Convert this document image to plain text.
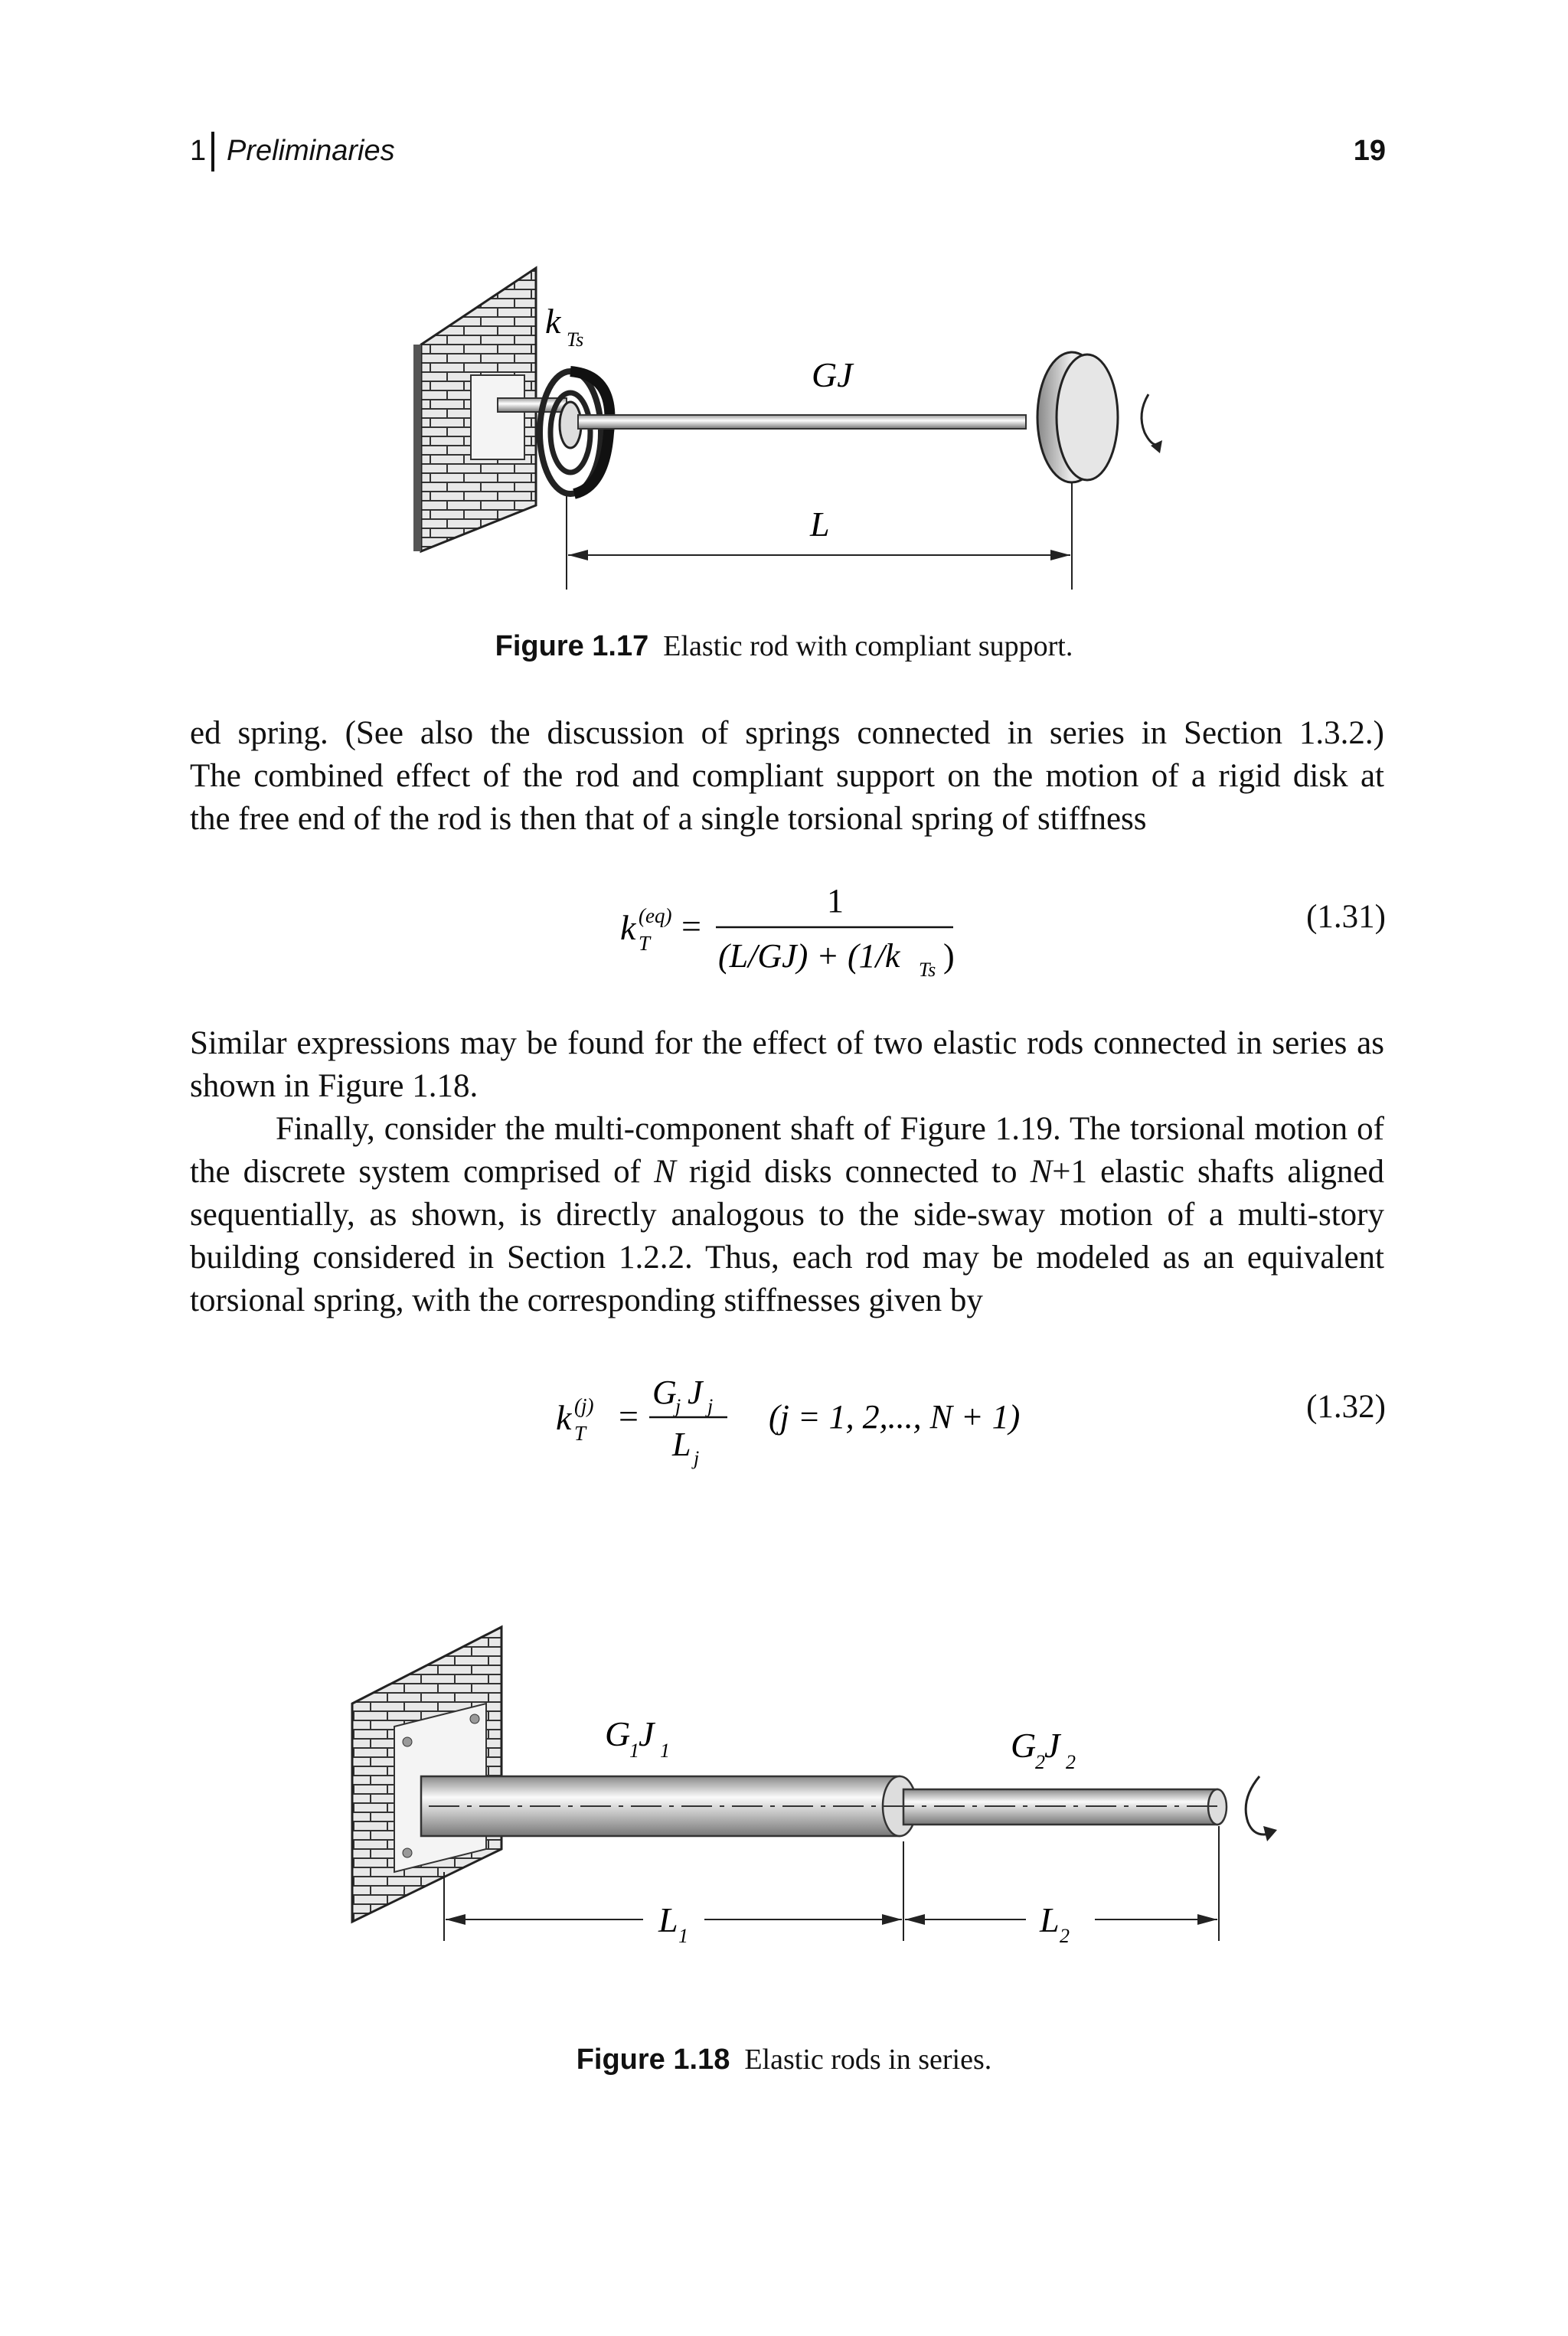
1 Preliminaries	19
k Ts
GJ
L
Figure 1.17 Elastic rod with compliant support.

ed spring. (See also the discussion of springs connected in series in Section 1.3.2.)

The combined effect of the rod and compliant support on the motion of a rigid disk at

the free end of the rod is then that of a single torsional spring of stiffness

k (eq)
T =
1
(L/GJ) + (1/k Ts )
(1.31)
Similar expressions may be found for the effect of two elastic rods connected in series as shown in Figure 1.18.

Finally, consider the multi-component shaft of Figure 1.19. The torsional motion of the discrete system comprised of N rigid disks connected to N+1 elastic shafts aligned sequentially, as shown, is directly analogous to the side-sway motion of a multi-story building considered in Section 1.2.2. Thus, each rod may be modeled as an equivalent torsional spring, with the corresponding stiffnesses given by

k (j)
T =
G
j J j
L j
(j = 1, 2,..., N + 1)	(1.32)
G
1 J 1	G
2 J 2
L 1	L 2
Figure 1.18 Elastic rods in series.
